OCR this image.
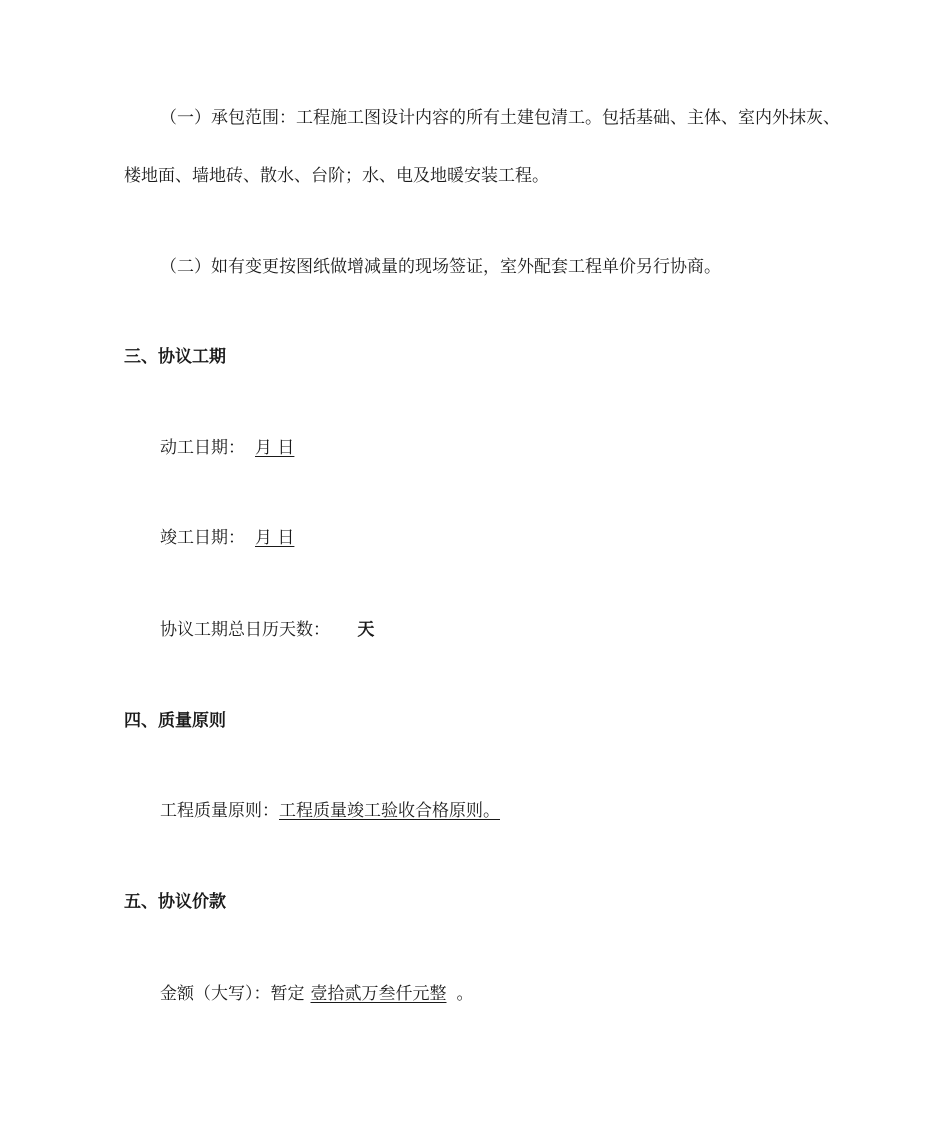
（一）承包范围：工程施工图设计内容的所有土建包清工。包括基础、主体、室内外抹灰、
楼地面、墙地砖、散水、台阶；水、电及地暖安装工程。
（二）如有变更按图纸做增减量的现场签证，室外配套工程单价另行协商。
三、协议工期
动工日期： 月 日
竣工日期： 月 日
协议工期总日历天数： 天
四、质量原则
工程质量原则：工程质量竣工验收合格原则。
五、协议价款
金额（大写）：暂定 壹拾贰万叁仟元整 。
